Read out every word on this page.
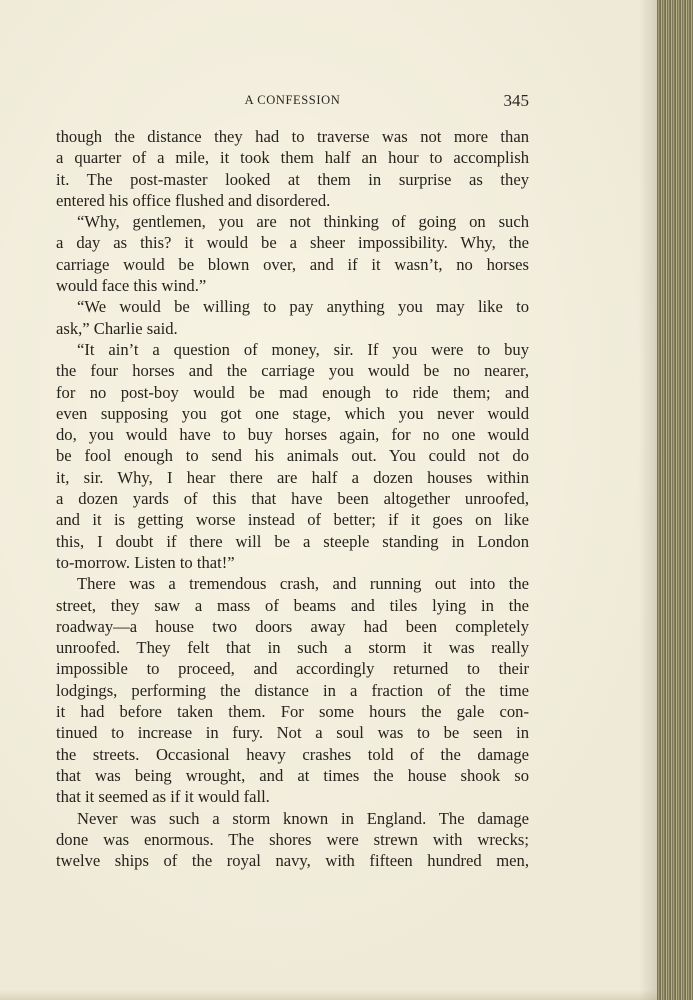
A CONFESSION	345
though the distance they had to traverse was not more than
a quarter of a mile, it took them half an hour to accomplish
it. The post-master looked at them in surprise as they
entered his office flushed and disordered.
“Why, gentlemen, you are not thinking of going on such
a day as this? it would be a sheer impossibility. Why, the
carriage would be blown over, and if it wasn’t, no horses
would face this wind.”
“We would be willing to pay anything you may like to
ask,” Charlie said.
“It ain’t a question of money, sir. If you were to buy
the four horses and the carriage you would be no nearer,
for no post-boy would be mad enough to ride them; and
even supposing you got one stage, which you never would
do, you would have to buy horses again, for no one would
be fool enough to send his animals out. You could not do
it, sir. Why, I hear there are half a dozen houses within
a dozen yards of this that have been altogether unroofed,
and it is getting worse instead of better; if it goes on like
this, I doubt if there will be a steeple standing in London
to-morrow. Listen to that!”
There was a tremendous crash, and running out into the
street, they saw a mass of beams and tiles lying in the
roadway—a house two doors away had been completely
unroofed. They felt that in such a storm it was really
impossible to proceed, and accordingly returned to their
lodgings, performing the distance in a fraction of the time
it had before taken them. For some hours the gale con-
tinued to increase in fury. Not a soul was to be seen in
the streets. Occasional heavy crashes told of the damage
that was being wrought, and at times the house shook so
that it seemed as if it would fall.
Never was such a storm known in England. The damage
done was enormous. The shores were strewn with wrecks;
twelve ships of the royal navy, with fifteen hundred men,
